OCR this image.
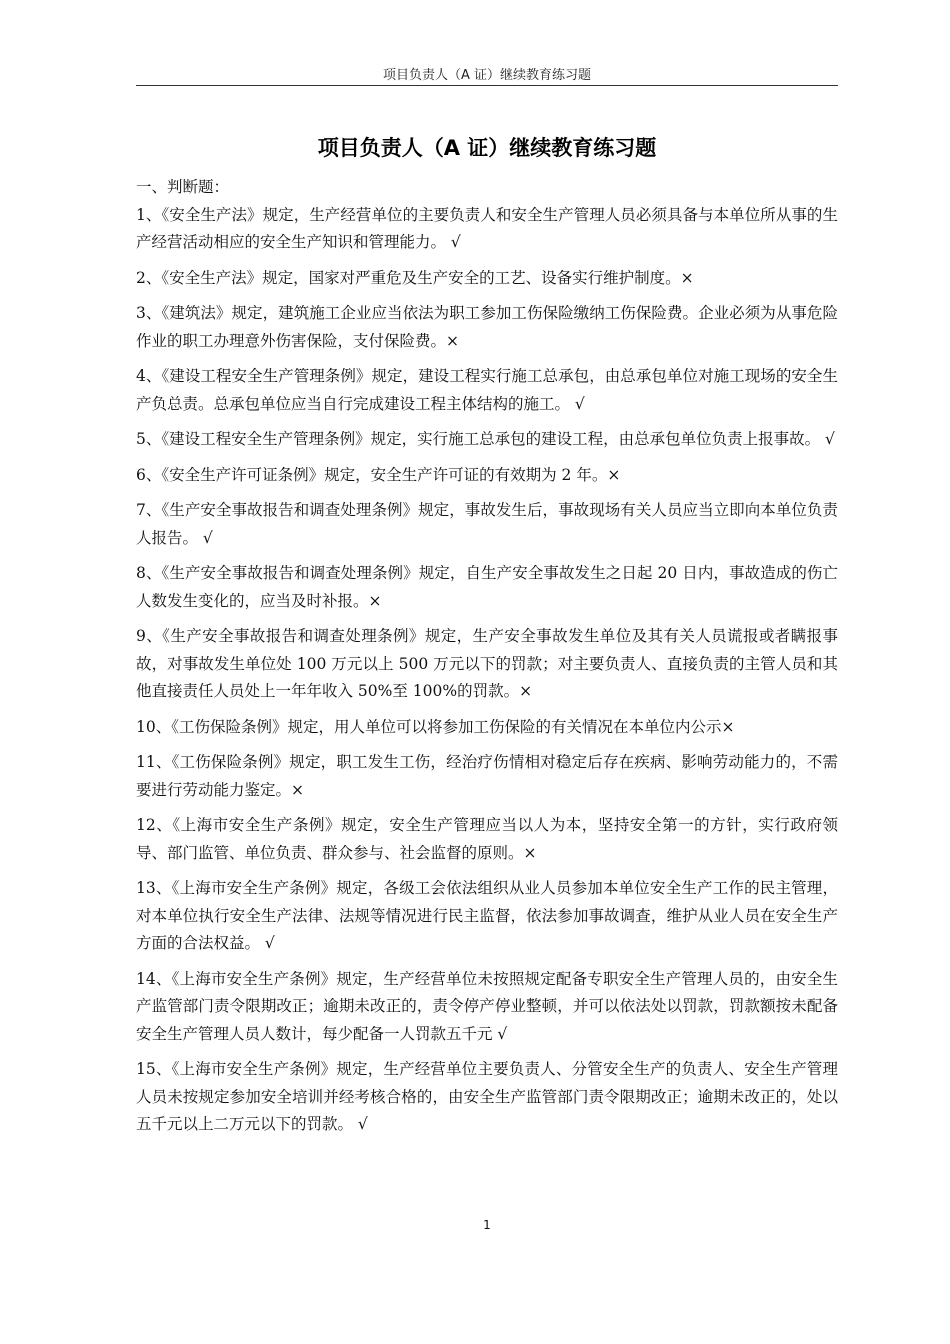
项目负责人（A 证）继续教育练习题
项目负责人（A 证）继续教育练习题

一、判断题：

1、《安全生产法》规定，生产经营单位的主要负责人和安全生产管理人员必须具备与本单位所从事的生产经营活动相应的安全生产知识和管理能力。 √

2、《安全生产法》规定，国家对严重危及生产安全的工艺、设备实行维护制度。×

3、《建筑法》规定，建筑施工企业应当依法为职工参加工伤保险缴纳工伤保险费。企业必须为从事危险作业的职工办理意外伤害保险，支付保险费。×

4、《建设工程安全生产管理条例》规定，建设工程实行施工总承包，由总承包单位对施工现场的安全生产负总责。总承包单位应当自行完成建设工程主体结构的施工。 √

5、《建设工程安全生产管理条例》规定，实行施工总承包的建设工程，由总承包单位负责上报事故。 √

6、《安全生产许可证条例》规定，安全生产许可证的有效期为 2 年。×

7、《生产安全事故报告和调查处理条例》规定，事故发生后，事故现场有关人员应当立即向本单位负责人报告。 √

8、《生产安全事故报告和调查处理条例》规定，自生产安全事故发生之日起 20 日内，事故造成的伤亡人数发生变化的，应当及时补报。×

9、《生产安全事故报告和调查处理条例》规定，生产安全事故发生单位及其有关人员谎报或者瞒报事故，对事故发生单位处 100 万元以上 500 万元以下的罚款；对主要负责人、直接负责的主管人员和其他直接责任人员处上一年年收入 50%至 100%的罚款。×

10、《工伤保险条例》规定，用人单位可以将参加工伤保险的有关情况在本单位内公示×

11、《工伤保险条例》规定，职工发生工伤，经治疗伤情相对稳定后存在疾病、影响劳动能力的，不需要进行劳动能力鉴定。×

12、《上海市安全生产条例》规定，安全生产管理应当以人为本，坚持安全第一的方针，实行政府领导、部门监管、单位负责、群众参与、社会监督的原则。×

13、《上海市安全生产条例》规定，各级工会依法组织从业人员参加本单位安全生产工作的民主管理，对本单位执行安全生产法律、法规等情况进行民主监督，依法参加事故调查，维护从业人员在安全生产方面的合法权益。 √

14、《上海市安全生产条例》规定，生产经营单位未按照规定配备专职安全生产管理人员的，由安全生产监管部门责令限期改正；逾期未改正的，责令停产停业整顿，并可以依法处以罚款，罚款额按未配备安全生产管理人员人数计，每少配备一人罚款五千元 √

15、《上海市安全生产条例》规定，生产经营单位主要负责人、分管安全生产的负责人、安全生产管理人员未按规定参加安全培训并经考核合格的，由安全生产监管部门责令限期改正；逾期未改正的，处以五千元以上二万元以下的罚款。 √

1
